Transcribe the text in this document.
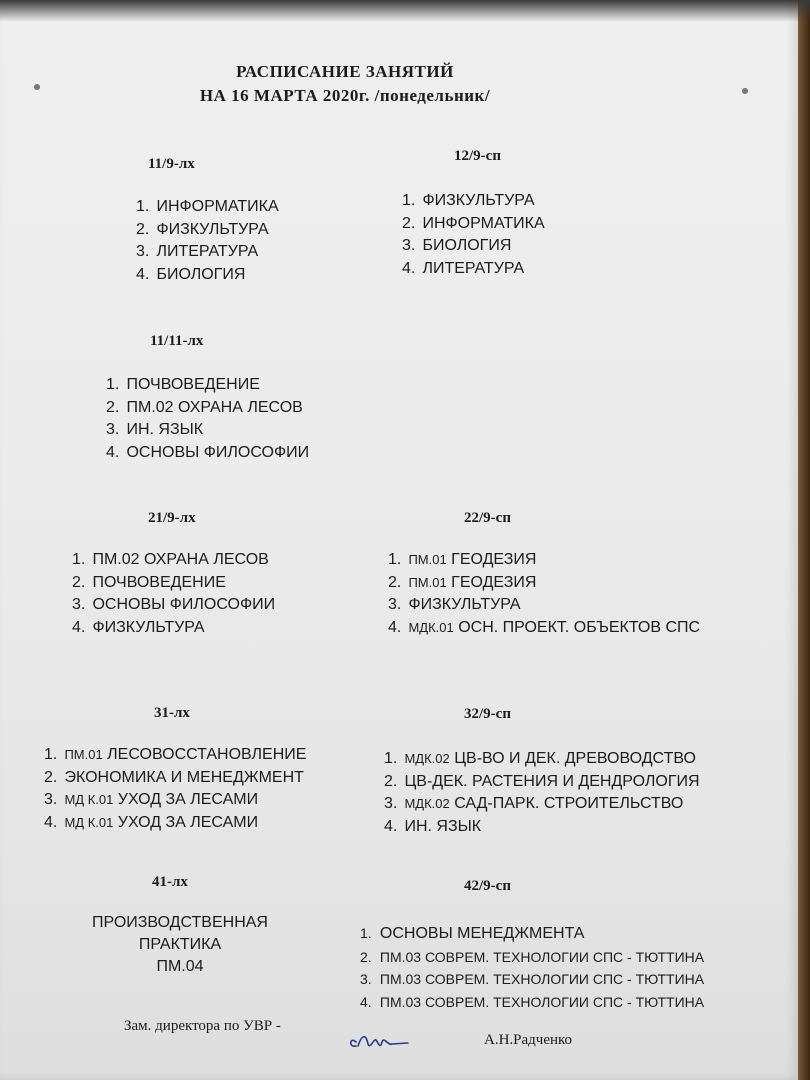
РАСПИСАНИЕ ЗАНЯТИЙ
НА 16 МАРТА 2020г. /понедельник/
11/9-лх
1. ИНФОРМАТИКА
2. ФИЗКУЛЬТУРА
3. ЛИТЕРАТУРА
4. БИОЛОГИЯ
12/9-сп
1. ФИЗКУЛЬТУРА
2. ИНФОРМАТИКА
3. БИОЛОГИЯ
4. ЛИТЕРАТУРА
11/11-лх
1. ПОЧВОВЕДЕНИЕ
2. ПМ.02 ОХРАНА ЛЕСОВ
3. ИН. ЯЗЫК
4. ОСНОВЫ ФИЛОСОФИИ
21/9-лх
1. ПМ.02 ОХРАНА ЛЕСОВ
2. ПОЧВОВЕДЕНИЕ
3. ОСНОВЫ ФИЛОСОФИИ
4. ФИЗКУЛЬТУРА
22/9-сп
1. ПМ.01 ГЕОДЕЗИЯ
2. ПМ.01 ГЕОДЕЗИЯ
3. ФИЗКУЛЬТУРА
4. МДК.01 ОСН. ПРОЕКТ. ОБЪЕКТОВ СПС
31-лх
1. ПМ.01 ЛЕСОВОССТАНОВЛЕНИЕ
2. ЭКОНОМИКА И МЕНЕДЖМЕНТ
3. МД К.01 УХОД ЗА ЛЕСАМИ
4. МД К.01 УХОД ЗА ЛЕСАМИ
32/9-сп
1. МДК.02 ЦВ-ВО И ДЕК. ДРЕВОВОДСТВО
2. ЦВ-ДЕК. РАСТЕНИЯ И ДЕНДРОЛОГИЯ
3. МДК.02 САД-ПАРК. СТРОИТЕЛЬСТВО
4. ИН. ЯЗЫК
41-лх
ПРОИЗВОДСТВЕННАЯ
ПРАКТИКА
ПМ.04
42/9-сп
1. ОСНОВЫ МЕНЕДЖМЕНТА
2. ПМ.03 СОВРЕМ. ТЕХНОЛОГИИ СПС - ТЮТТИНА
3. ПМ.03 СОВРЕМ. ТЕХНОЛОГИИ СПС - ТЮТТИНА
4. ПМ.03 СОВРЕМ. ТЕХНОЛОГИИ СПС - ТЮТТИНА
Зам. директора по УВР -
А.Н.Радченко
